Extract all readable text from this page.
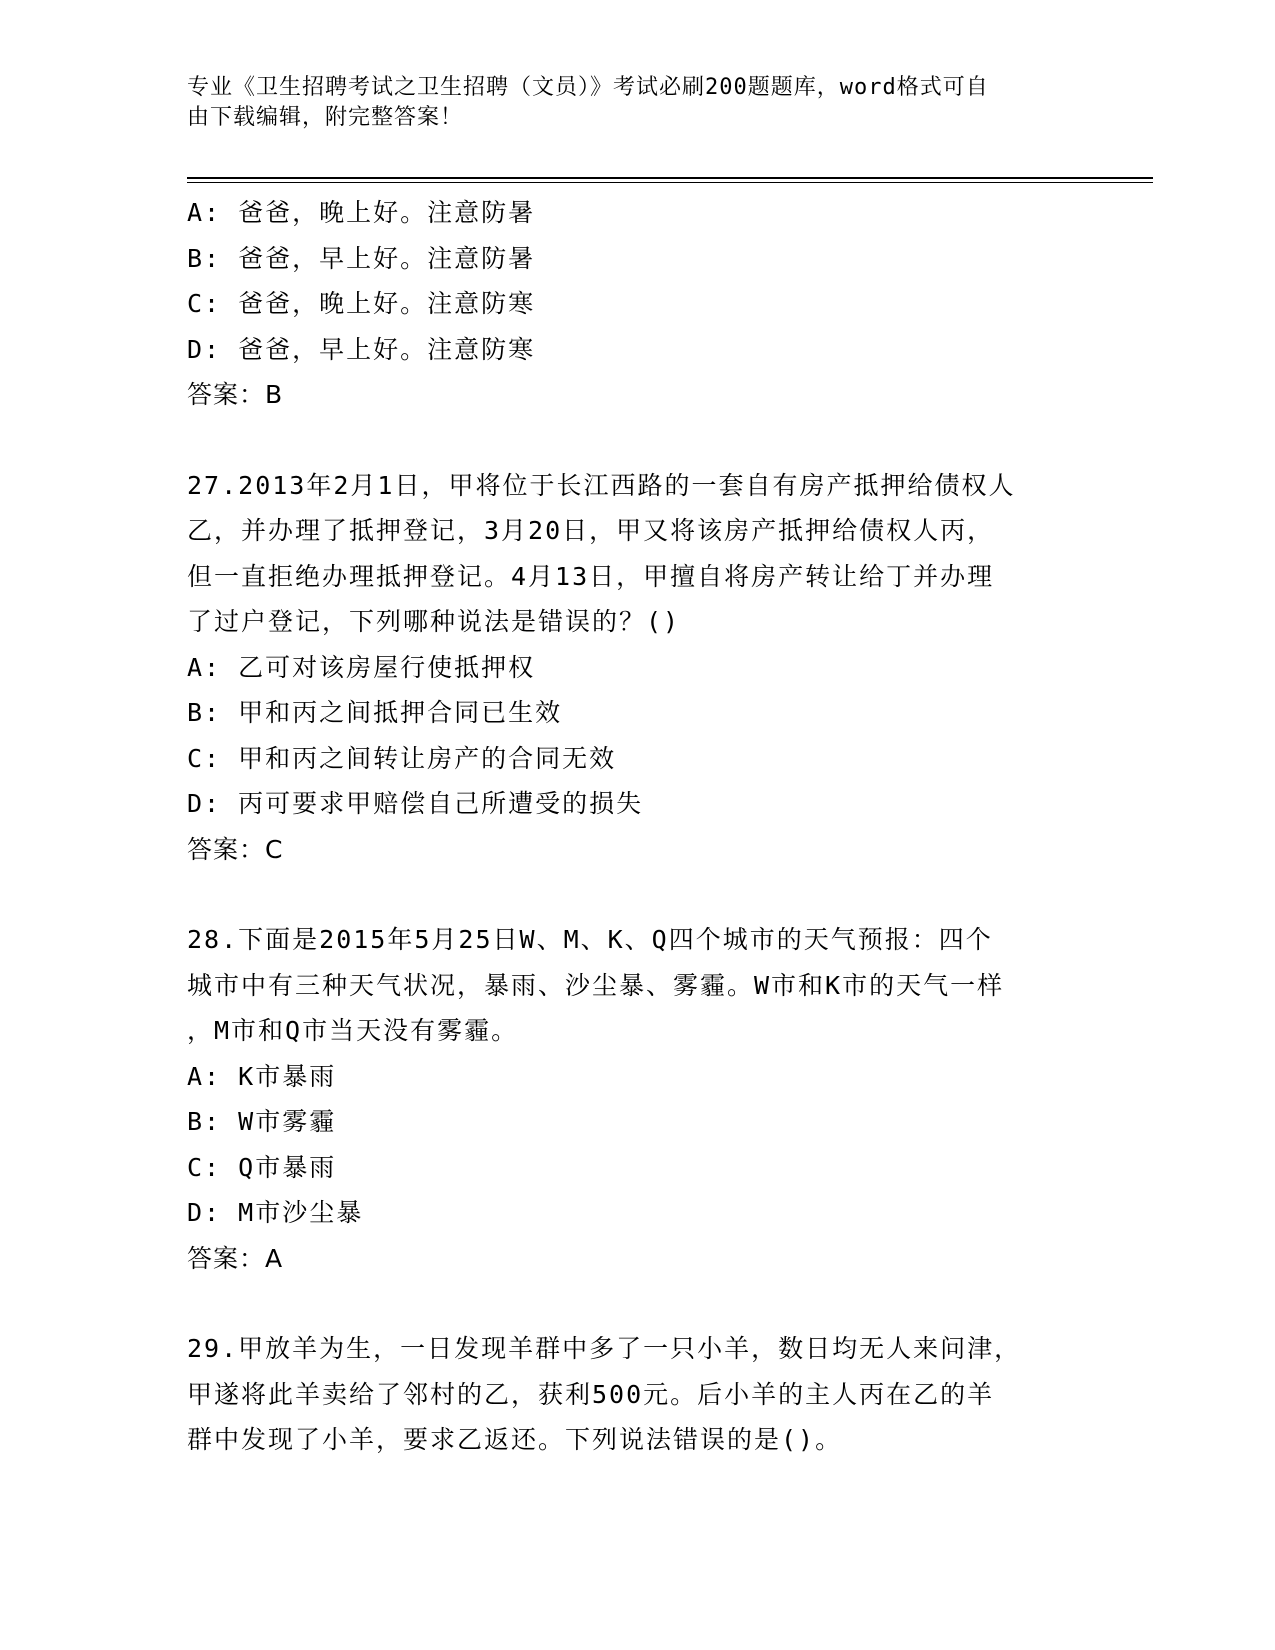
专业《卫生招聘考试之卫生招聘（文员）》考试必刷200题题库，word格式可自
由下载编辑，附完整答案！
A: 爸爸，晚上好。注意防暑
B: 爸爸，早上好。注意防暑
C: 爸爸，晚上好。注意防寒
D: 爸爸，早上好。注意防寒
答案：B
27.2013年2月1日，甲将位于长江西路的一套自有房产抵押给债权人
乙，并办理了抵押登记，3月20日，甲又将该房产抵押给债权人丙，
但一直拒绝办理抵押登记。4月13日，甲擅自将房产转让给丁并办理
了过户登记，下列哪种说法是错误的？()
A: 乙可对该房屋行使抵押权
B: 甲和丙之间抵押合同已生效
C: 甲和丙之间转让房产的合同无效
D: 丙可要求甲赔偿自己所遭受的损失
答案：C
28.下面是2015年5月25日W、M、K、Q四个城市的天气预报：四个
城市中有三种天气状况，暴雨、沙尘暴、雾霾。W市和K市的天气一样
，M市和Q市当天没有雾霾。
A: K市暴雨
B: W市雾霾
C: Q市暴雨
D: M市沙尘暴
答案：A
29.甲放羊为生，一日发现羊群中多了一只小羊，数日均无人来问津，
甲遂将此羊卖给了邻村的乙，获利500元。后小羊的主人丙在乙的羊
群中发现了小羊，要求乙返还。下列说法错误的是()。
